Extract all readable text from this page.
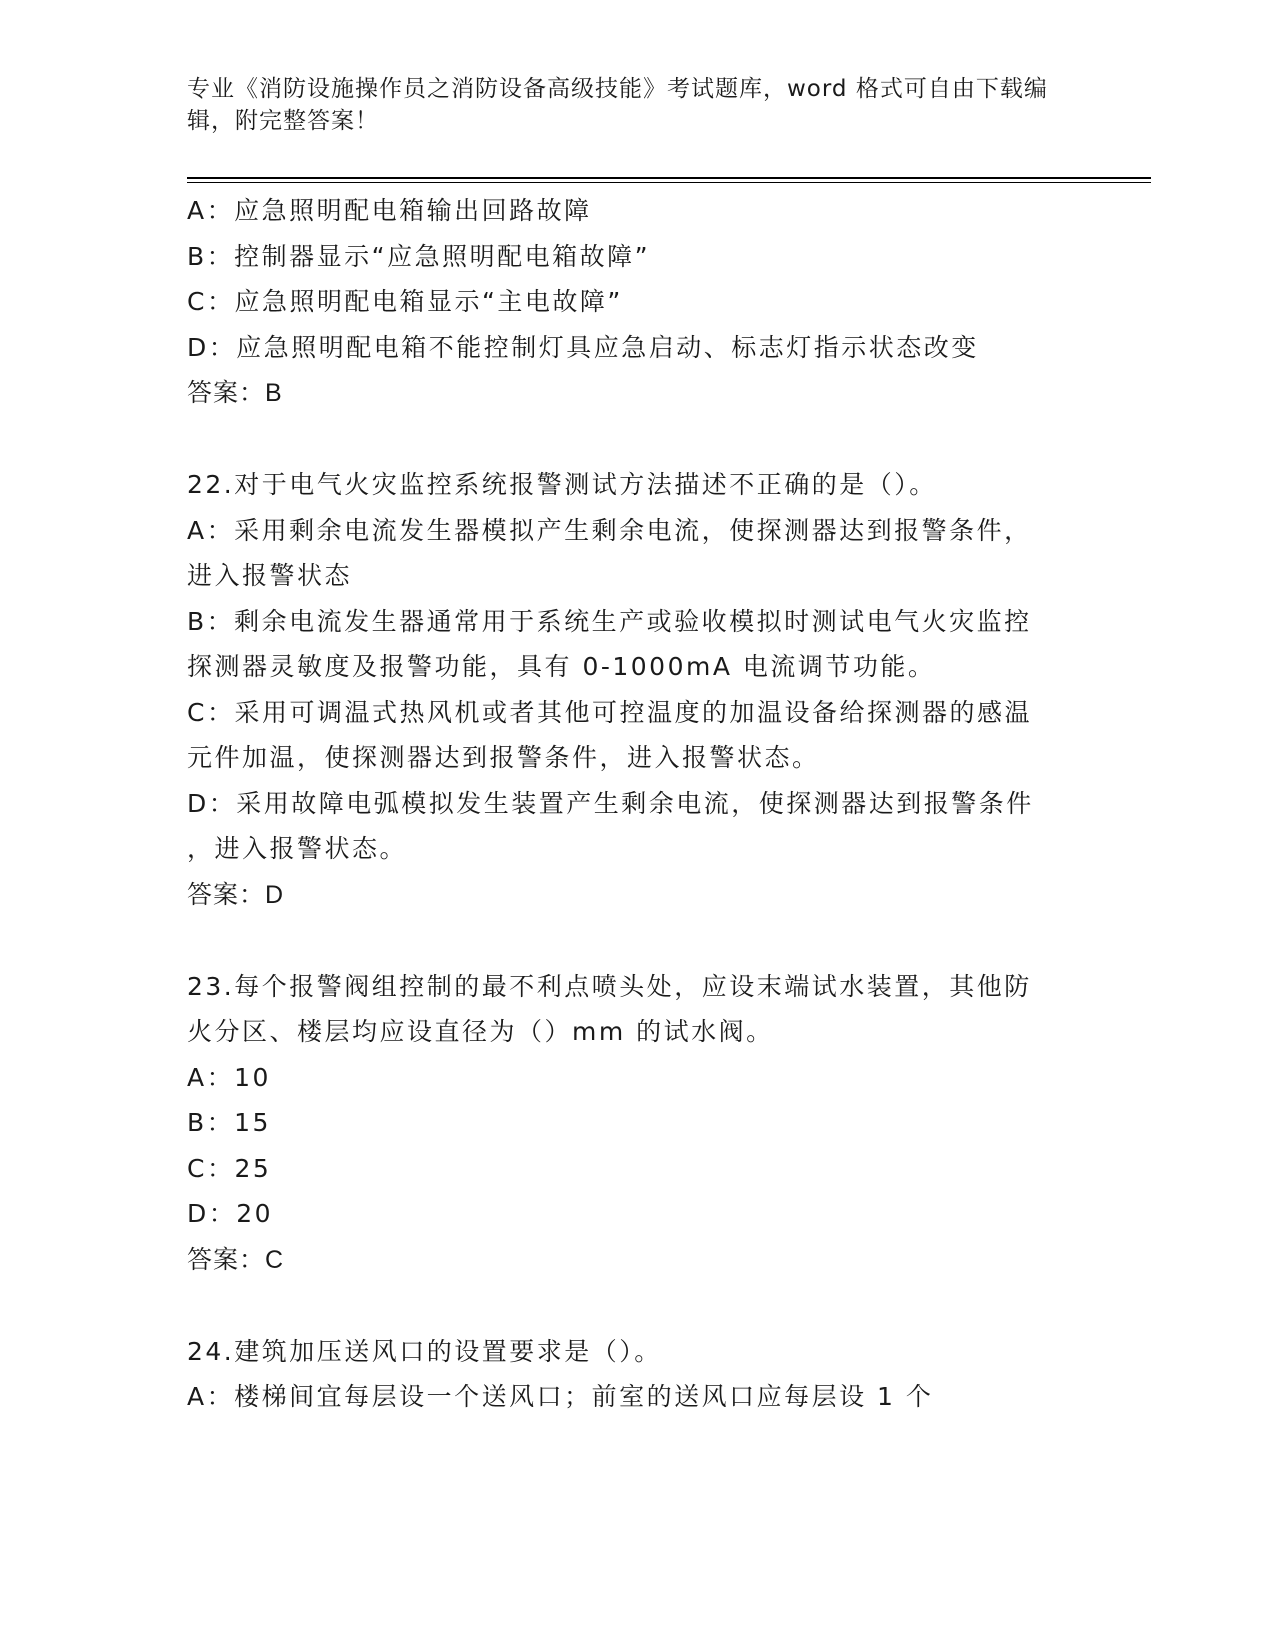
专业《消防设施操作员之消防设备高级技能》考试题库，word 格式可自由下载编
辑，附完整答案！
A：应急照明配电箱输出回路故障
B：控制器显示“应急照明配电箱故障”
C：应急照明配电箱显示“主电故障”
D：应急照明配电箱不能控制灯具应急启动、标志灯指示状态改变
答案：B
22.对于电气火灾监控系统报警测试方法描述不正确的是（）。
A：采用剩余电流发生器模拟产生剩余电流，使探测器达到报警条件，
进入报警状态
B：剩余电流发生器通常用于系统生产或验收模拟时测试电气火灾监控
探测器灵敏度及报警功能，具有 0-1000mA 电流调节功能。
C：采用可调温式热风机或者其他可控温度的加温设备给探测器的感温
元件加温，使探测器达到报警条件，进入报警状态。
D：采用故障电弧模拟发生装置产生剩余电流，使探测器达到报警条件
，进入报警状态。
答案：D
23.每个报警阀组控制的最不利点喷头处，应设末端试水装置，其他防
火分区、楼层均应设直径为（）mm 的试水阀。
A：10
B：15
C：25
D：20
答案：C
24.建筑加压送风口的设置要求是（）。
A：楼梯间宜每层设一个送风口；前室的送风口应每层设 1 个
